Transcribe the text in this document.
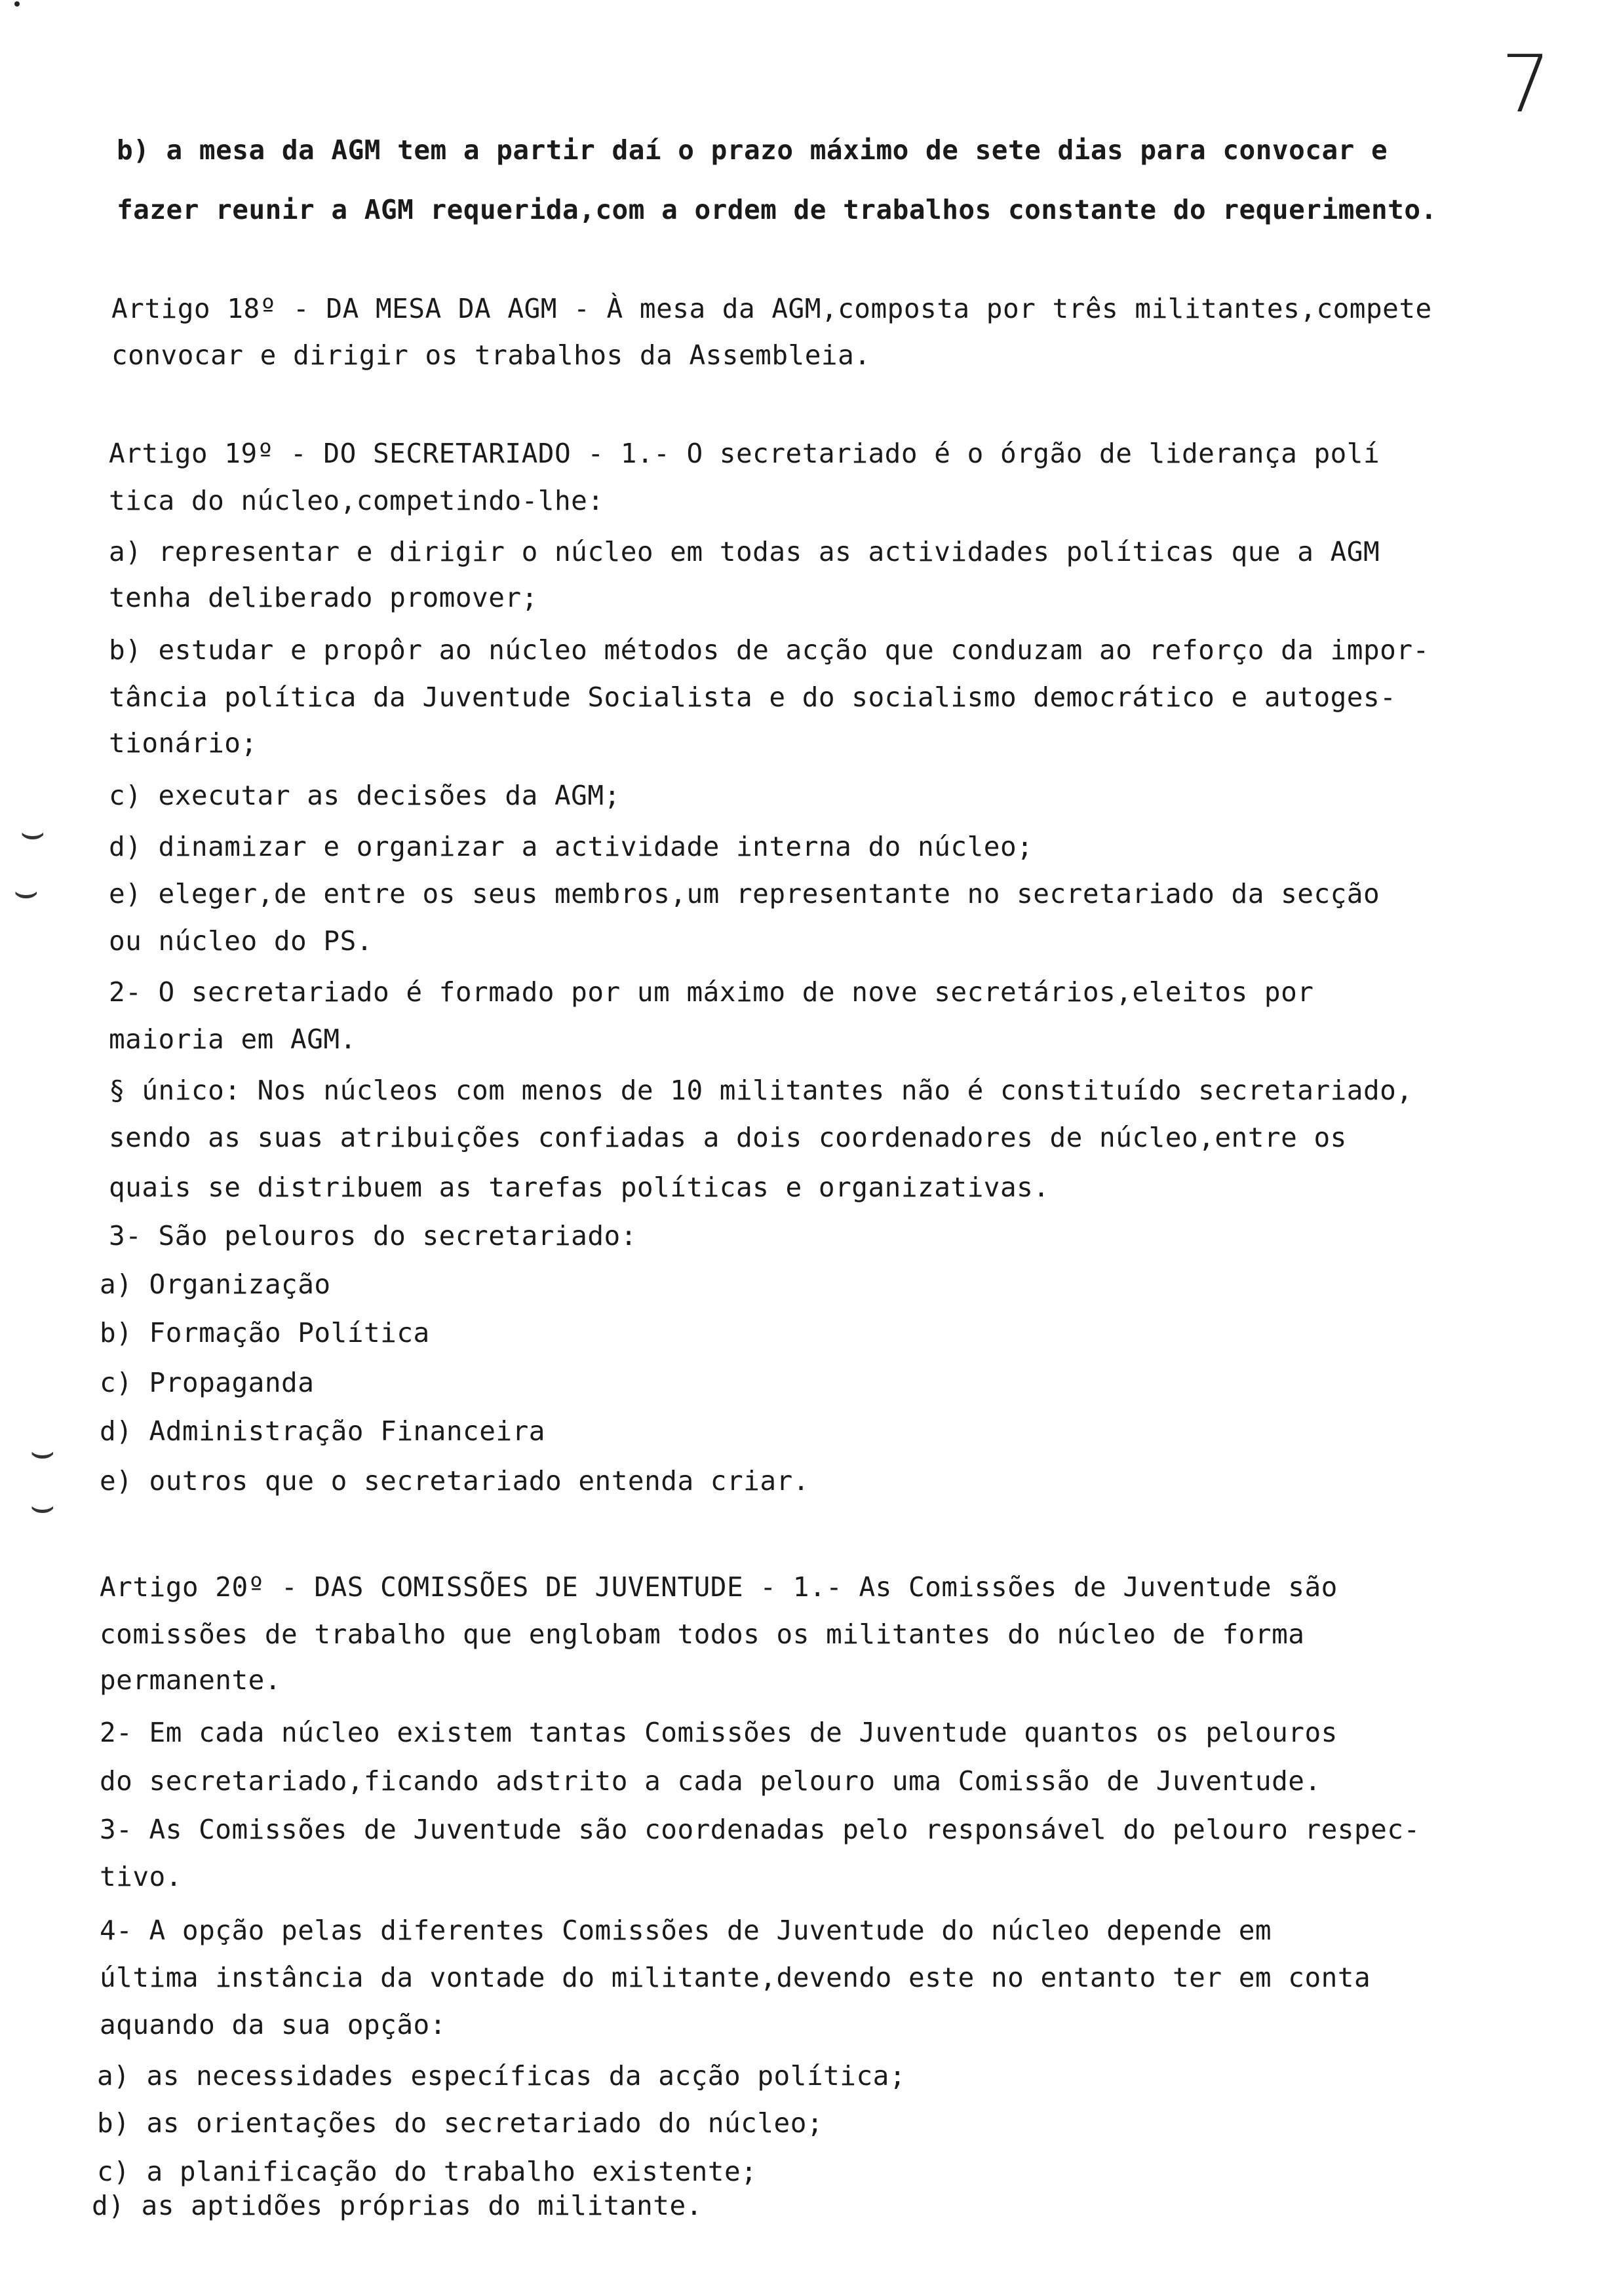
7
⌣
⌣
⌣
⌣
b) a mesa da AGM tem a partir daí o prazo máximo de sete dias para convocar e
fazer reunir a AGM requerida,com a ordem de trabalhos constante do requerimento.
Artigo 18º - DA MESA DA AGM - À mesa da AGM,composta por três militantes,compete
convocar e dirigir os trabalhos da Assembleia.
Artigo 19º - DO SECRETARIADO - 1.- O secretariado é o órgão de liderança polí
tica do núcleo,competindo-lhe:
a) representar e dirigir o núcleo em todas as actividades políticas que a AGM
tenha deliberado promover;
b) estudar e propôr ao núcleo métodos de acção que conduzam ao reforço da impor-
tância política da Juventude Socialista e do socialismo democrático e autoges-
tionário;
c) executar as decisões da AGM;
d) dinamizar e organizar a actividade interna do núcleo;
e) eleger,de entre os seus membros,um representante no secretariado da secção
ou núcleo do PS.
2- O secretariado é formado por um máximo de nove secretários,eleitos por
maioria em AGM.
§ único: Nos núcleos com menos de 10 militantes não é constituído secretariado,
sendo as suas atribuições confiadas a dois coordenadores de núcleo,entre os
quais se distribuem as tarefas políticas e organizativas.
3- São pelouros do secretariado:
a) Organização
b) Formação Política
c) Propaganda
d) Administração Financeira
e) outros que o secretariado entenda criar.
Artigo 20º - DAS COMISSÕES DE JUVENTUDE - 1.- As Comissões de Juventude são
comissões de trabalho que englobam todos os militantes do núcleo de forma
permanente.
2- Em cada núcleo existem tantas Comissões de Juventude quantos os pelouros
do secretariado,ficando adstrito a cada pelouro uma Comissão de Juventude.
3- As Comissões de Juventude são coordenadas pelo responsável do pelouro respec-
tivo.
4- A opção pelas diferentes Comissões de Juventude do núcleo depende em
última instância da vontade do militante,devendo este no entanto ter em conta
aquando da sua opção:
a) as necessidades específicas da acção política;
b) as orientações do secretariado do núcleo;
c) a planificação do trabalho existente;
d) as aptidões próprias do militante.
